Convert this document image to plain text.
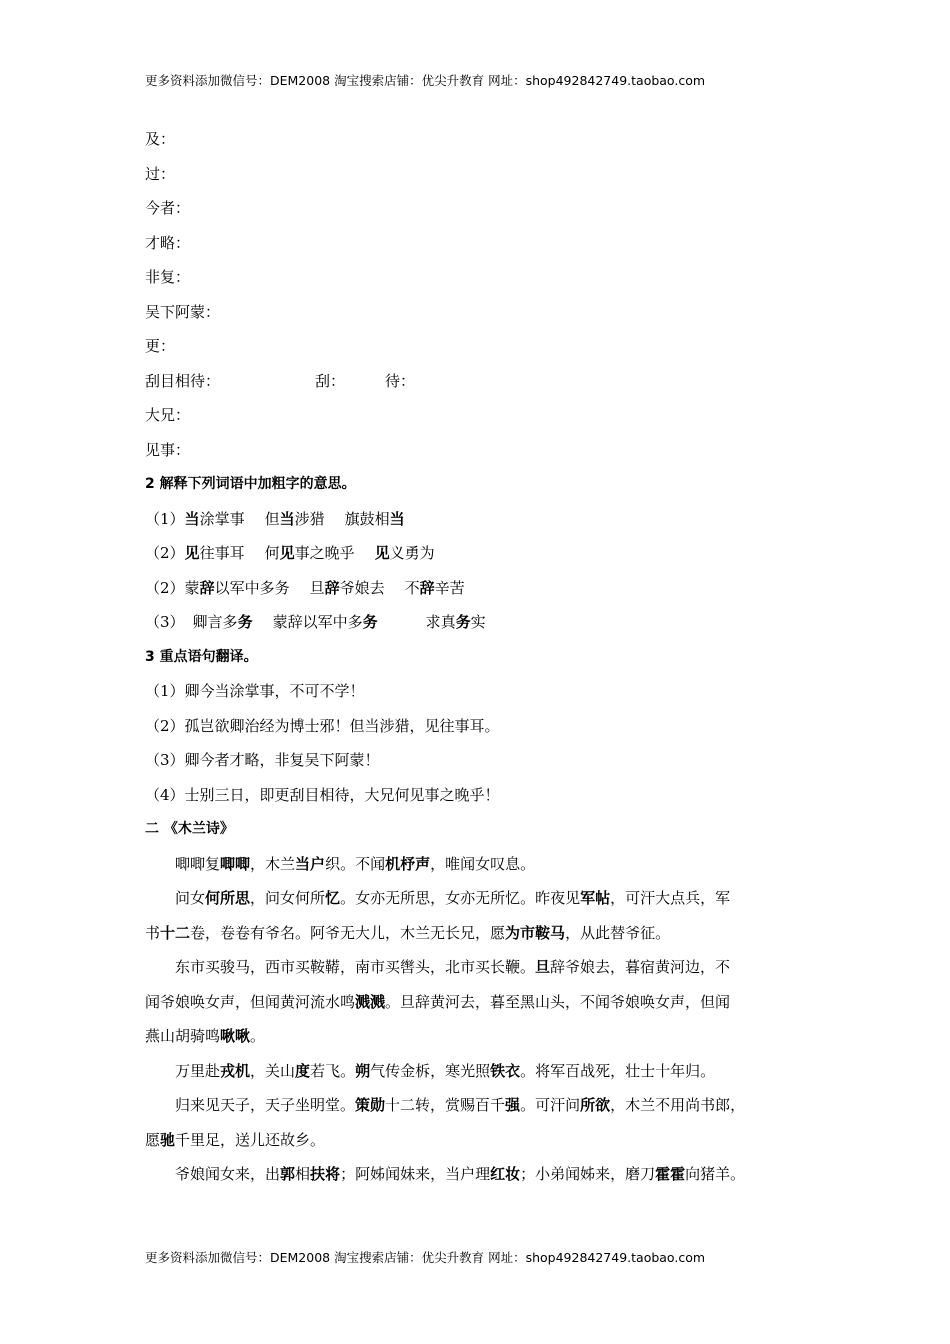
更多资料添加微信号：DEM2008 淘宝搜索店铺：优尖升教育 网址：shop492842749.taobao.com
及：
过：
今者：
才略：
非复：
吴下阿蒙：
更：
刮目相待：	刮：	待：
大兄：
见事：
2 解释下列词语中加粗字的意思。
（1）当涂掌事 但当涉猎 旗鼓相当
（2）见往事耳 何见事之晚乎 见义勇为
（2）蒙辞以军中多务 旦辞爷娘去 不辞辛苦
（3） 卿言多务 蒙辞以军中多务	求真务实
3 重点语句翻译。
（1）卿今当涂掌事，不可不学！
（2）孤岂欲卿治经为博士邪！但当涉猎，见往事耳。
（3）卿今者才略，非复吴下阿蒙！
（4）士别三日，即更刮目相待，大兄何见事之晚乎！
二 《木兰诗》
唧唧复唧唧，木兰当户织。不闻机杼声，唯闻女叹息。
问女何所思，问女何所忆。女亦无所思，女亦无所忆。昨夜见军帖，可汗大点兵，军
书十二卷，卷卷有爷名。阿爷无大儿，木兰无长兄，愿为市鞍马，从此替爷征。
东市买骏马，西市买鞍鞯，南市买辔头，北市买长鞭。旦辞爷娘去，暮宿黄河边，不
闻爷娘唤女声，但闻黄河流水鸣溅溅。旦辞黄河去，暮至黑山头，不闻爷娘唤女声，但闻
燕山胡骑鸣啾啾。
万里赴戎机，关山度若飞。朔气传金柝，寒光照铁衣。将军百战死，壮士十年归。
归来见天子，天子坐明堂。策勋十二转，赏赐百千强。可汗问所欲，木兰不用尚书郎，
愿驰千里足，送儿还故乡。
爷娘闻女来，出郭相扶将；阿姊闻妹来，当户理红妆；小弟闻姊来，磨刀霍霍向猪羊。
更多资料添加微信号：DEM2008 淘宝搜索店铺：优尖升教育 网址：shop492842749.taobao.com
